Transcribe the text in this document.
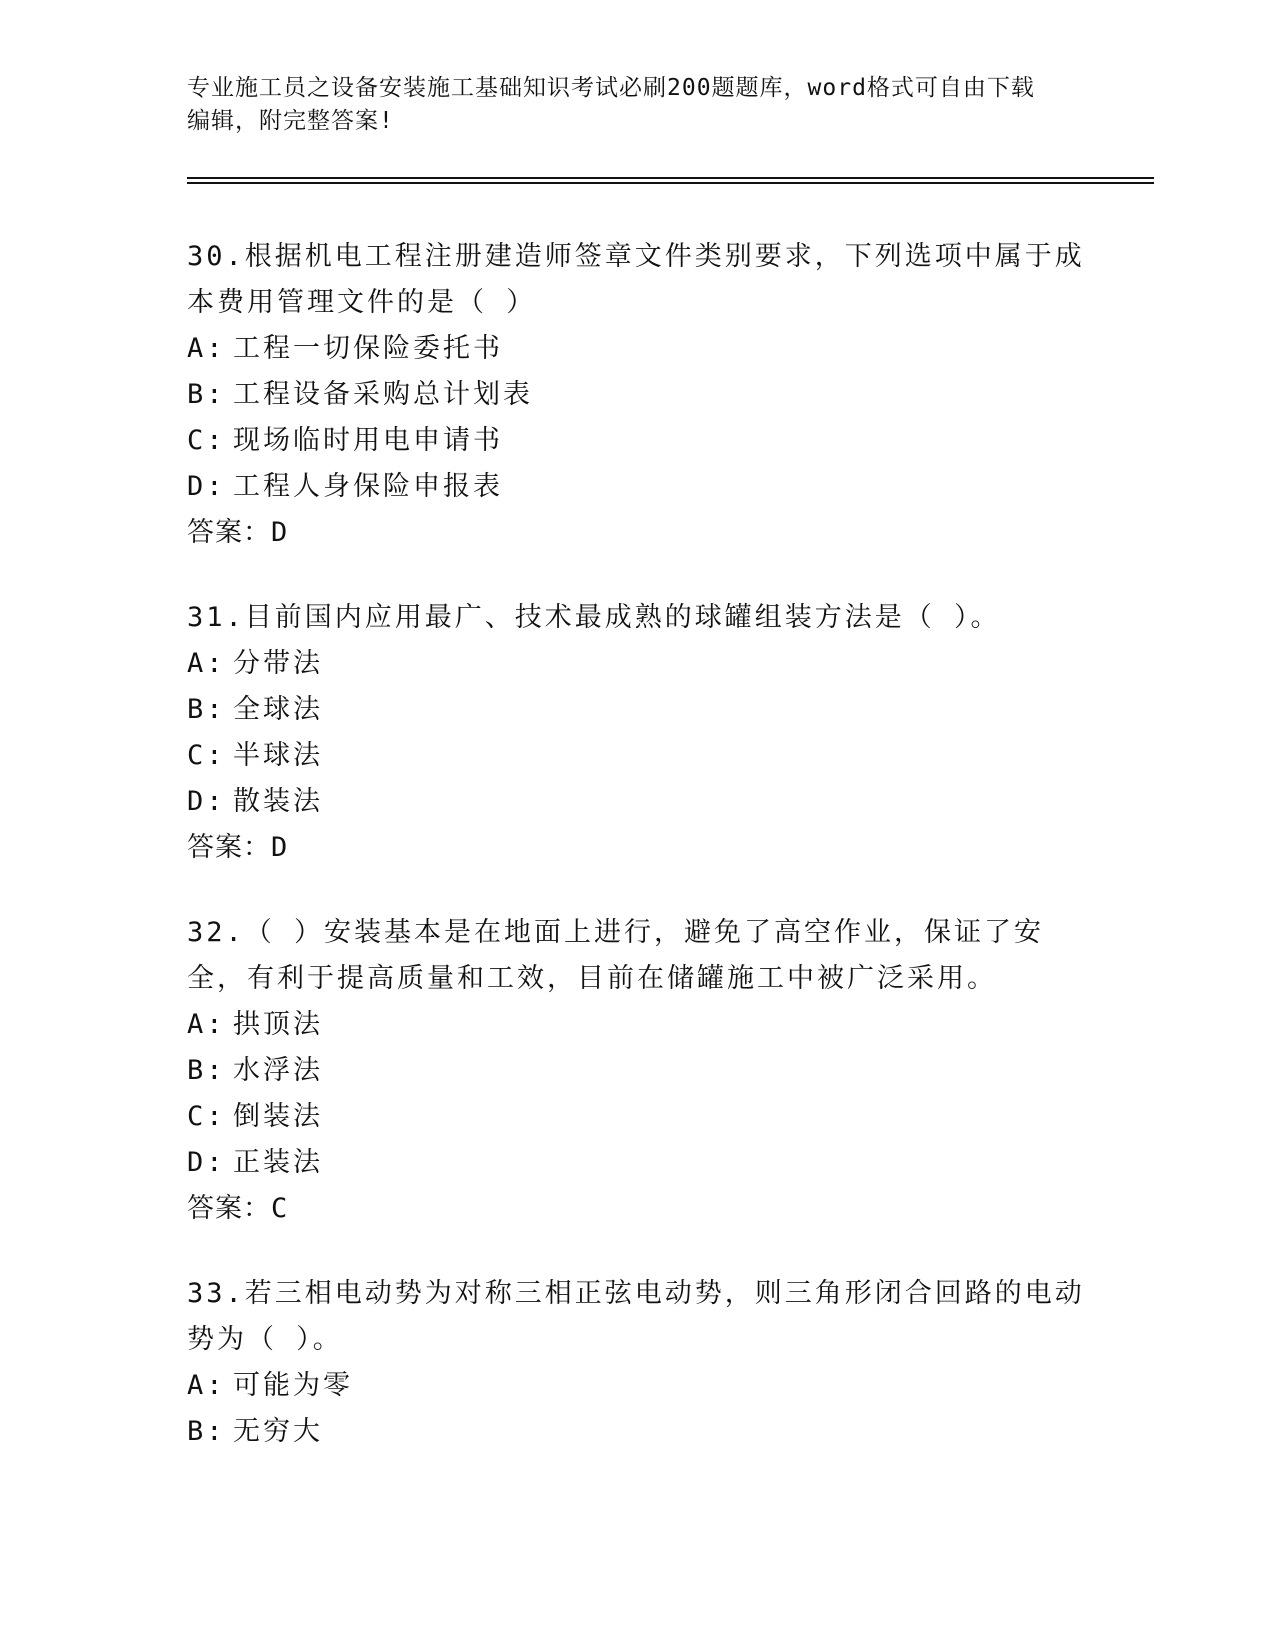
专业施工员之设备安装施工基础知识考试必刷200题题库，word格式可自由下载
编辑，附完整答案!

30.根据机电工程注册建造师签章文件类别要求，下列选项中属于成本费用管理文件的是（ ）

A: 工程一切保险委托书

B: 工程设备采购总计划表

C: 现场临时用电申请书

D: 工程人身保险申报表

答案：D

31.目前国内应用最广、技术最成熟的球罐组装方法是（ ）。

A: 分带法

B: 全球法

C: 半球法

D: 散装法

答案：D

32.（ ）安装基本是在地面上进行，避免了高空作业，保证了安全，有利于提高质量和工效，目前在储罐施工中被广泛采用。

A: 拱顶法

B: 水浮法

C: 倒装法

D: 正装法

答案：C

33.若三相电动势为对称三相正弦电动势，则三角形闭合回路的电动势为（ ）。

A: 可能为零

B: 无穷大
